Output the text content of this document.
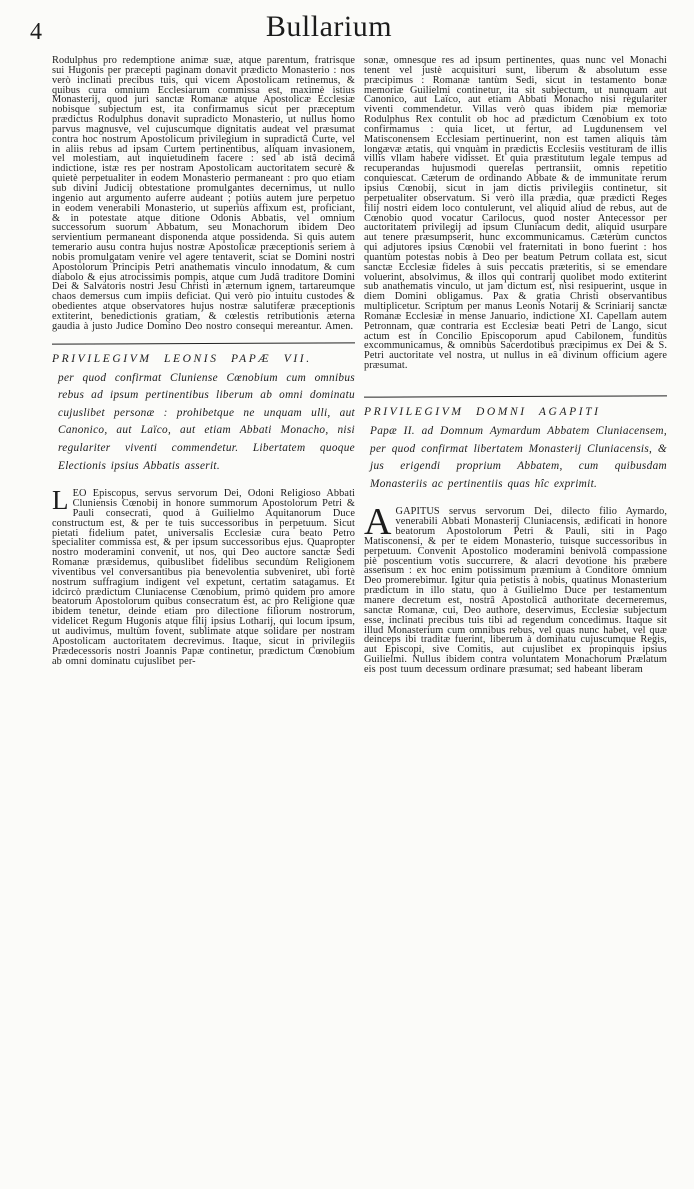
4	Bullarium
Rodulphus pro redemptione animæ suæ, atque parentum, fratrisque sui Hugonis per præcepti paginam donavit prædicto Monasterio : nos verò inclinati precibus tuis, qui vicem Apostolicam retinemus, & quibus cura omnium Ecclesiarum commissa est, maximè istius Monasterij, quod juri sanctæ Romanæ atque Apostolicæ Ecclesiæ nobisque subjectum est, ita confirmamus sicut per præceptum prædictus Rodulphus donavit supradicto Monasterio, ut nullus homo parvus magnusve, vel cujuscumque dignitatis audeat vel præsumat contra hoc nostrum Apostolicum privilegium in supradictâ Curte, vel in aliis rebus ad ipsam Curtem pertinentibus, aliquam invasionem, vel molestiam, aut inquietudinem facere : sed ab istâ decimâ indictione, istæ res per nostram Apostolicam auctoritatem securè & quietè perpetualiter in eodem Monasterio permaneant : pro quo etiam sub divini Judicij obtestatione promulgantes decernimus, ut nullo ingenio aut argumento auferre audeant ; potiùs autem jure perpetuo in eodem venerabili Monasterio, ut superiùs affixum est, proficiant, & in potestate atque ditione Odonis Abbatis, vel omnium successorum suorum Abbatum, seu Monachorum ibidem Deo servientium permaneant disponenda atque possidenda. Si quis autem temerario ausu contra hujus nostræ Apostolicæ præceptionis seriem à nobis promulgatam venire vel agere tentaverit, sciat se Domini nostri Apostolorum Principis Petri anathematis vinculo innodatum, & cum diabolo & ejus atrocissimis pompis, atque cum Judâ traditore Domini Dei & Salvatoris nostri Jesu Christi in æternum ignem, tartareumque chaos demersus cum impiis deficiat. Qui verò pio intuitu custodes & obedientes atque observatores hujus nostræ salutiferæ præceptionis extiterint, benedictionis gratiam, & cœlestis retributionis æterna gaudia à justo Judice Domino Deo nostro consequi mereantur. Amen.
PRIVILEGIVM LEONIS PAPÆ VII.
per quod confirmat Cluniense Cœnobium cum omnibus rebus ad ipsum pertinentibus liberum ab omni dominatu cujuslibet personæ : prohibetque ne unquam ulli, aut Canonico, aut Laïco, aut etiam Abbati Monacho, nisi regulariter viventi commendetur. Libertatem quoque Electionis ipsius Abbatis asserit.
LEO Episcopus, servus servorum Dei, Odoni Religioso Abbati Cluniensis Cœnobij in honore summorum Apostolorum Petri & Pauli consecrati, quod à Guilielmo Aquitanorum Duce constructum est, & per te tuis successoribus in perpetuum. Sicut pietati fidelium patet, universalis Ecclesiæ cura beato Petro specialiter commissa est, & per ipsum successoribus ejus. Quapropter nostro moderamini convenit, ut nos, qui Deo auctore sanctæ Sedi Romanæ præsidemus, quibuslibet fidelibus secundùm Religionem viventibus vel conversantibus pia benevolentia subveniret, ubi fortè nostrum suffragium indigent vel expetunt, certatim satagamus. Et idcircò prædictum Cluniacense Cœnobium, primò quidem pro amore beatorum Apostolorum quibus consecratum est, ac pro Religione quæ ibidem tenetur, deinde etiam pro dilectione filiorum nostrorum, videlicet Regum Hugonis atque filij ipsius Lotharij, qui locum ipsum, ut audivimus, multùm fovent, sublimate atque solidare per nostram Apostolicam auctoritatem decrevimus. Itaque, sicut in privilegiis Prædecessoris nostri Joannis Papæ continetur, prædictum Cœnobium ab omni dominatu cujuslibet per-
sonæ, omnesque res ad ipsum pertinentes, quas nunc vel Monachi tenent vel justè acquisituri sunt, liberum & absolutum esse præcipimus : Romanæ tantùm Sedi, sicut in testamento bonæ memoriæ Guilielmi continetur, ita sit subjectum, ut nunquam aut Canonico, aut Laïco, aut etiam Abbati Monacho nisi regulariter viventi commendetur. Villas verò quas ibidem piæ memoriæ Rodulphus Rex contulit ob hoc ad prædictum Cœnobium ex toto confirmamus : quia licet, ut fertur, ad Lugdunensem vel Matisconensem Ecclesiam pertinuerint, non est tamen aliquis tàm longævæ ætatis, qui vnquàm in prædictis Ecclesiis vestituram de illis villis vllam habere vidisset. Et quia præstitutum legale tempus ad recuperandas hujusmodi querelas pertransiit, omnis repetitio conquiescat. Cæterum de ordinando Abbate & de immunitate rerum ipsius Cœnobij, sicut in jam dictis privilegiis continetur, sit perpetualiter observatum. Si verò illa prædia, quæ prædicti Reges filij nostri eidem loco contulerunt, vel aliquid aliud de rebus, aut de Cœnobio quod vocatur Carilocus, quod noster Antecessor per auctoritatem privilegij ad ipsum Cluniacum dedit, aliquid usurpare aut tenere præsumpserit, hunc excommunicamus. Cæterùm cunctos qui adjutores ipsius Cœnobii vel fraternitati in bono fuerint : hos quantùm potestas nobis à Deo per beatum Petrum collata est, sicut sanctæ Ecclesiæ fideles à suis peccatis præteritis, si se emendare voluerint, absolvimus, & illos qui contrarij quolibet modo extiterint sub anathematis vinculo, ut jam dictum est, nisi resipuerint, usque in diem Domini obligamus. Pax & gratia Christi observantibus multiplicetur. Scriptum per manus Leonis Notarij & Scriniarij sanctæ Romanæ Ecclesiæ in mense Januario, indictione XI. Capellam autem Petronnam, quæ contraria est Ecclesiæ beati Petri de Lango, sicut actum est in Concilio Episcoporum apud Cabilonem, funditùs excommunicamus, & omnibus Sacerdotibus præcipimus ex Dei & S. Petri auctoritate vel nostra, ut nullus in eâ divinum officium agere præsumat.
PRIVILEGIVM DOMNI AGAPITI
Papæ II. ad Domnum Aymardum Abbatem Cluniacensem, per quod confirmat libertatem Monasterij Cluniacensis, & jus erigendi proprium Abbatem, cum quibusdam Monasteriis ac pertinentiis quas hîc exprimit.
AGAPITUS servus servorum Dei, dilecto filio Aymardo, venerabili Abbati Monasterij Cluniacensis, ædificati in honore beatorum Apostolorum Petri & Pauli, siti in Pago Matisconensi, & per te eidem Monasterio, tuisque successoribus in perpetuum. Convenit Apostolico moderamini benivolâ compassione piè poscentium votis succurrere, & alacri devotione his præbere assensum : ex hoc enim potissimum præmium à Conditore omnium Deo promerebimur. Igitur quia petistis à nobis, quatinus Monasterium prædictum in illo statu, quo à Guilielmo Duce per testamentum manere decretum est, nostrâ Apostolicâ authoritate decerneremus, sanctæ Romanæ, cui, Deo authore, deservimus, Ecclesiæ subjectum esse, inclinati precibus tuis tibi ad regendum concedimus. Itaque sit illud Monasterium cum omnibus rebus, vel quas nunc habet, vel quæ deinceps ibi traditæ fuerint, liberum à dominatu cujuscumque Regis, aut Episcopi, sive Comitis, aut cujuslibet ex propinquis ipsius Guilielmi. Nullus ibidem contra voluntatem Monachorum Prælatum eis post tuum decessum ordinare præsumat; sed habeant liberam
